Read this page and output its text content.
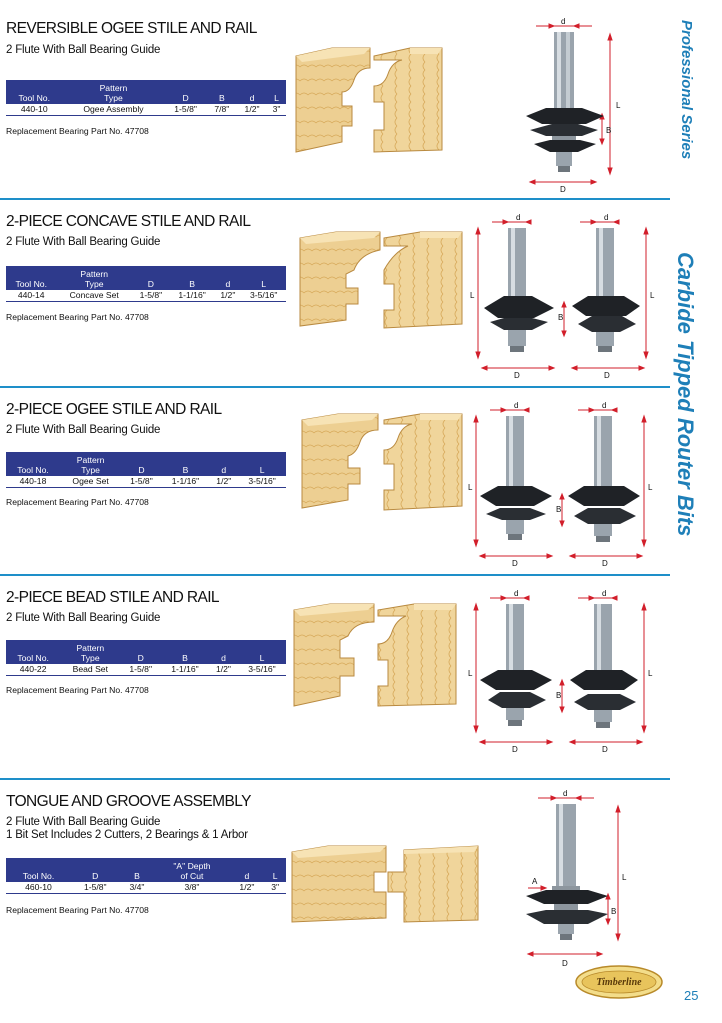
REVERSIBLE OGEE STILE AND RAIL
2 Flute With Ball Bearing Guide
	Pattern				
Tool No.	Type	D	B	d	L
440-10	Ogee Assembly	1-5/8"	7/8"	1/2"	3"
Replacement Bearing Part No. 47708
d
L
B
D
2-PIECE CONCAVE STILE AND RAIL
2 Flute With Ball Bearing Guide
	Pattern				
Tool No.	Type	D	B	d	L
440-14	Concave Set	1-5/8"	1-1/16"	1/2"	3-5/16"
Replacement Bearing Part No. 47708
d	d
L	L
B
D	D
2-PIECE OGEE STILE AND RAIL
2 Flute With Ball Bearing Guide
	Pattern				
Tool No.	Type	D	B	d	L
440-18	Ogee Set	1-5/8"	1-1/16"	1/2"	3-5/16"
Replacement Bearing Part No. 47708
d	d
L	L
B
D	D
2-PIECE BEAD STILE AND RAIL
2 Flute With Ball Bearing Guide
	Pattern				
Tool No.	Type	D	B	d	L
440-22	Bead Set	1-5/8"	1-1/16"	1/2"	3-5/16"
Replacement Bearing Part No. 47708
d	d
L	L
B
D	D
TONGUE AND GROOVE ASSEMBLY
2 Flute With Ball Bearing Guide
1 Bit Set Includes 2 Cutters, 2 Bearings & 1 Arbor
			"A" Depth		
Tool No.	D	B	of Cut	d	L
460-10	1-5/8"	3/4"	3/8"	1/2"	3"
Replacement Bearing Part No. 47708
d
L
B
A
D
Professional Series
Carbide Tipped Router Bits
Timberline
25
